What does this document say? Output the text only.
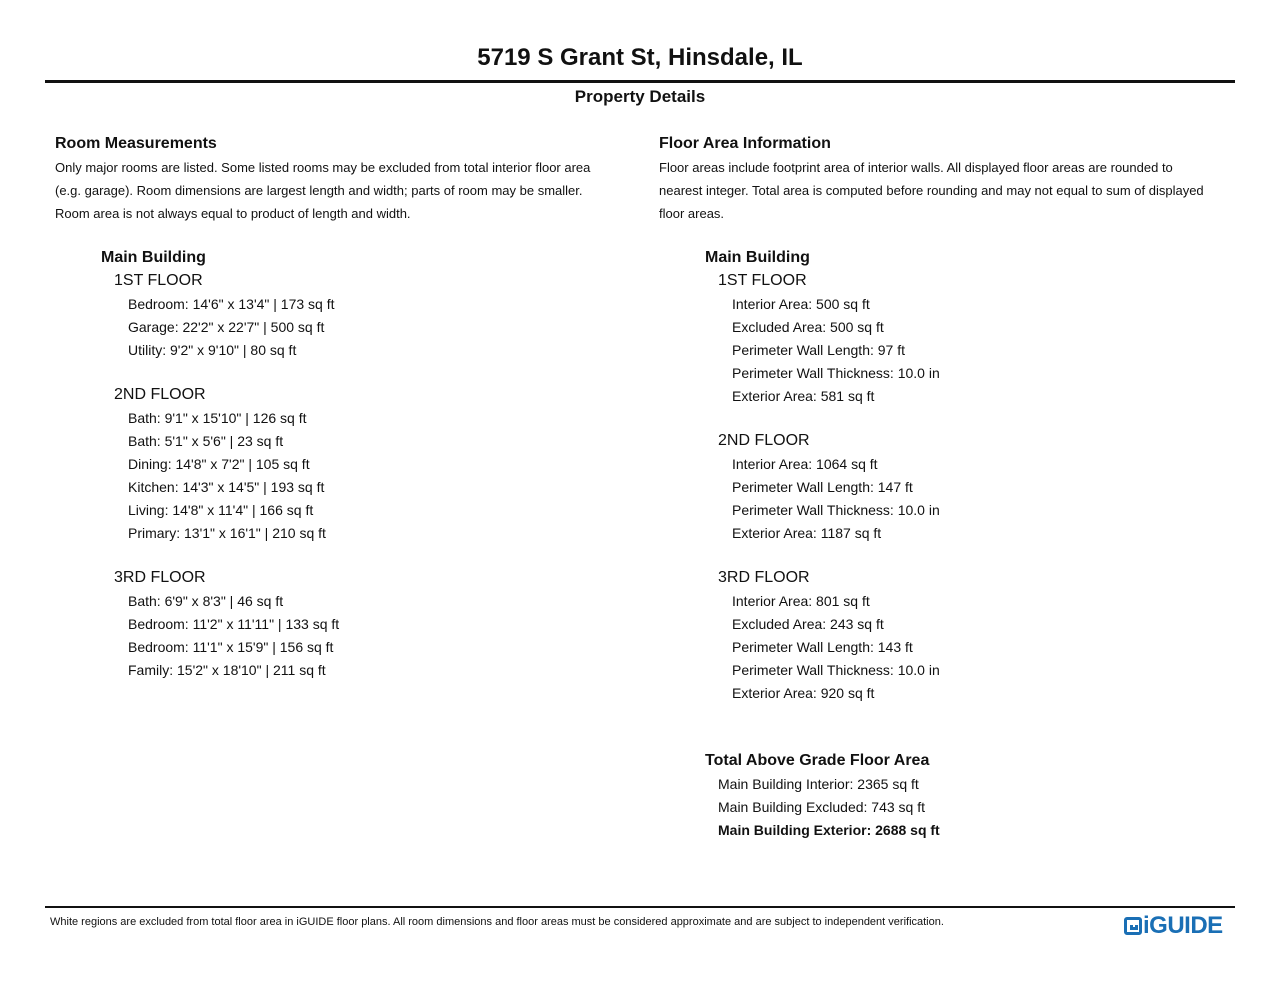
5719 S Grant St, Hinsdale, IL
Property Details
Room Measurements
Only major rooms are listed. Some listed rooms may be excluded from total interior floor area
(e.g. garage). Room dimensions are largest length and width; parts of room may be smaller.
Room area is not always equal to product of length and width.
Main Building
1ST FLOOR
Bedroom: 14'6" x 13'4" | 173 sq ft
Garage: 22'2" x 22'7" | 500 sq ft
Utility: 9'2" x 9'10" | 80 sq ft
2ND FLOOR
Bath: 9'1" x 15'10" | 126 sq ft
Bath: 5'1" x 5'6" | 23 sq ft
Dining: 14'8" x 7'2" | 105 sq ft
Kitchen: 14'3" x 14'5" | 193 sq ft
Living: 14'8" x 11'4" | 166 sq ft
Primary: 13'1" x 16'1" | 210 sq ft
3RD FLOOR
Bath: 6'9" x 8'3" | 46 sq ft
Bedroom: 11'2" x 11'11" | 133 sq ft
Bedroom: 11'1" x 15'9" | 156 sq ft
Family: 15'2" x 18'10" | 211 sq ft
Floor Area Information
Floor areas include footprint area of interior walls. All displayed floor areas are rounded to
nearest integer. Total area is computed before rounding and may not equal to sum of displayed
floor areas.
Main Building
1ST FLOOR
Interior Area: 500 sq ft
Excluded Area: 500 sq ft
Perimeter Wall Length: 97 ft
Perimeter Wall Thickness: 10.0 in
Exterior Area: 581 sq ft
2ND FLOOR
Interior Area: 1064 sq ft
Perimeter Wall Length: 147 ft
Perimeter Wall Thickness: 10.0 in
Exterior Area: 1187 sq ft
3RD FLOOR
Interior Area: 801 sq ft
Excluded Area: 243 sq ft
Perimeter Wall Length: 143 ft
Perimeter Wall Thickness: 10.0 in
Exterior Area: 920 sq ft
Total Above Grade Floor Area
Main Building Interior: 2365 sq ft
Main Building Excluded: 743 sq ft
Main Building Exterior: 2688 sq ft
White regions are excluded from total floor area in iGUIDE floor plans. All room dimensions and floor areas must be considered approximate and are subject to independent verification.	iGUIDE
